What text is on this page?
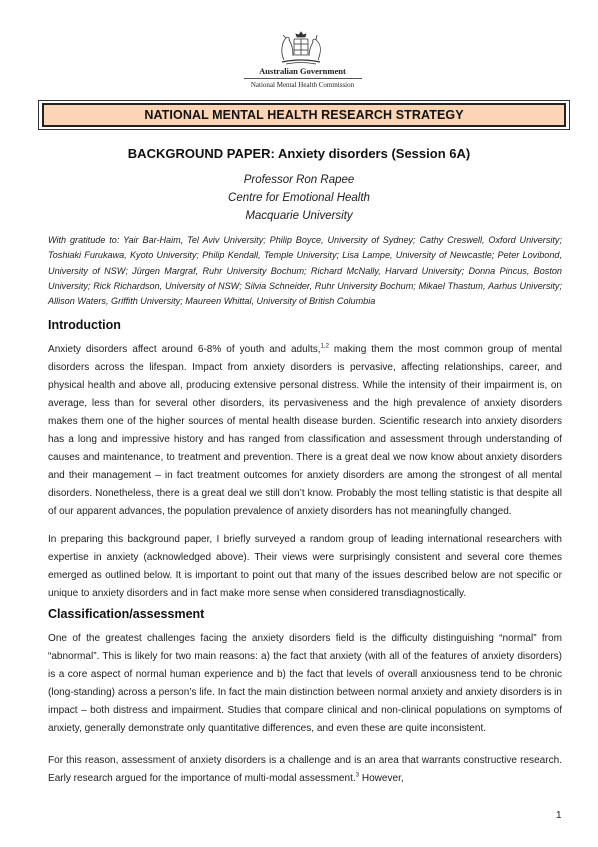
Australian Government
National Mental Health Commission
NATIONAL MENTAL HEALTH RESEARCH STRATEGY
BACKGROUND PAPER: Anxiety disorders (Session 6A)
Professor Ron Rapee
Centre for Emotional Health
Macquarie University

With gratitude to: Yair Bar-Haim, Tel Aviv University; Philip Boyce, University of Sydney; Cathy Creswell, Oxford University; Toshiaki Furukawa, Kyoto University; Philip Kendall, Temple University; Lisa Lampe, University of Newcastle; Peter Lovibond, University of NSW; Jürgen Margraf, Ruhr University Bochum; Richard McNally, Harvard University; Donna Pincus, Boston University; Rick Richardson, University of NSW; Silvia Schneider, Ruhr University Bochum; Mikael Thastum, Aarhus University; Allison Waters, Griffith University; Maureen Whittal, University of British Columbia

Introduction

Anxiety disorders affect around 6-8% of youth and adults,$^{1,2}$ making them the most common group of mental disorders across the lifespan. Impact from anxiety disorders is pervasive, affecting relationships, career, and physical health and above all, producing extensive personal distress. While the intensity of their impairment is, on average, less than for several other disorders, its pervasiveness and the high prevalence of anxiety disorders makes them one of the higher sources of mental health disease burden. Scientific research into anxiety disorders has a long and impressive history and has ranged from classification and assessment through understanding of causes and maintenance, to treatment and prevention. There is a great deal we now know about anxiety disorders and their management – in fact treatment outcomes for anxiety disorders are among the strongest of all mental disorders. Nonetheless, there is a great deal we still don’t know. Probably the most telling statistic is that despite all of our apparent advances, the population prevalence of anxiety disorders has not meaningfully changed.

In preparing this background paper, I briefly surveyed a random group of leading international researchers with expertise in anxiety (acknowledged above). Their views were surprisingly consistent and several core themes emerged as outlined below. It is important to point out that many of the issues described below are not specific or unique to anxiety disorders and in fact make more sense when considered transdiagnostically.

Classification/assessment

One of the greatest challenges facing the anxiety disorders field is the difficulty distinguishing “normal” from “abnormal”. This is likely for two main reasons: a) the fact that anxiety (with all of the features of anxiety disorders) is a core aspect of normal human experience and b) the fact that levels of overall anxiousness tend to be chronic (long-standing) across a person’s life. In fact the main distinction between normal anxiety and anxiety disorders is in impact – both distress and impairment. Studies that compare clinical and non-clinical populations on symptoms of anxiety, generally demonstrate only quantitative differences, and even these are quite inconsistent.

For this reason, assessment of anxiety disorders is a challenge and is an area that warrants constructive research. Early research argued for the importance of multi-modal assessment.$^3$ However,

1
